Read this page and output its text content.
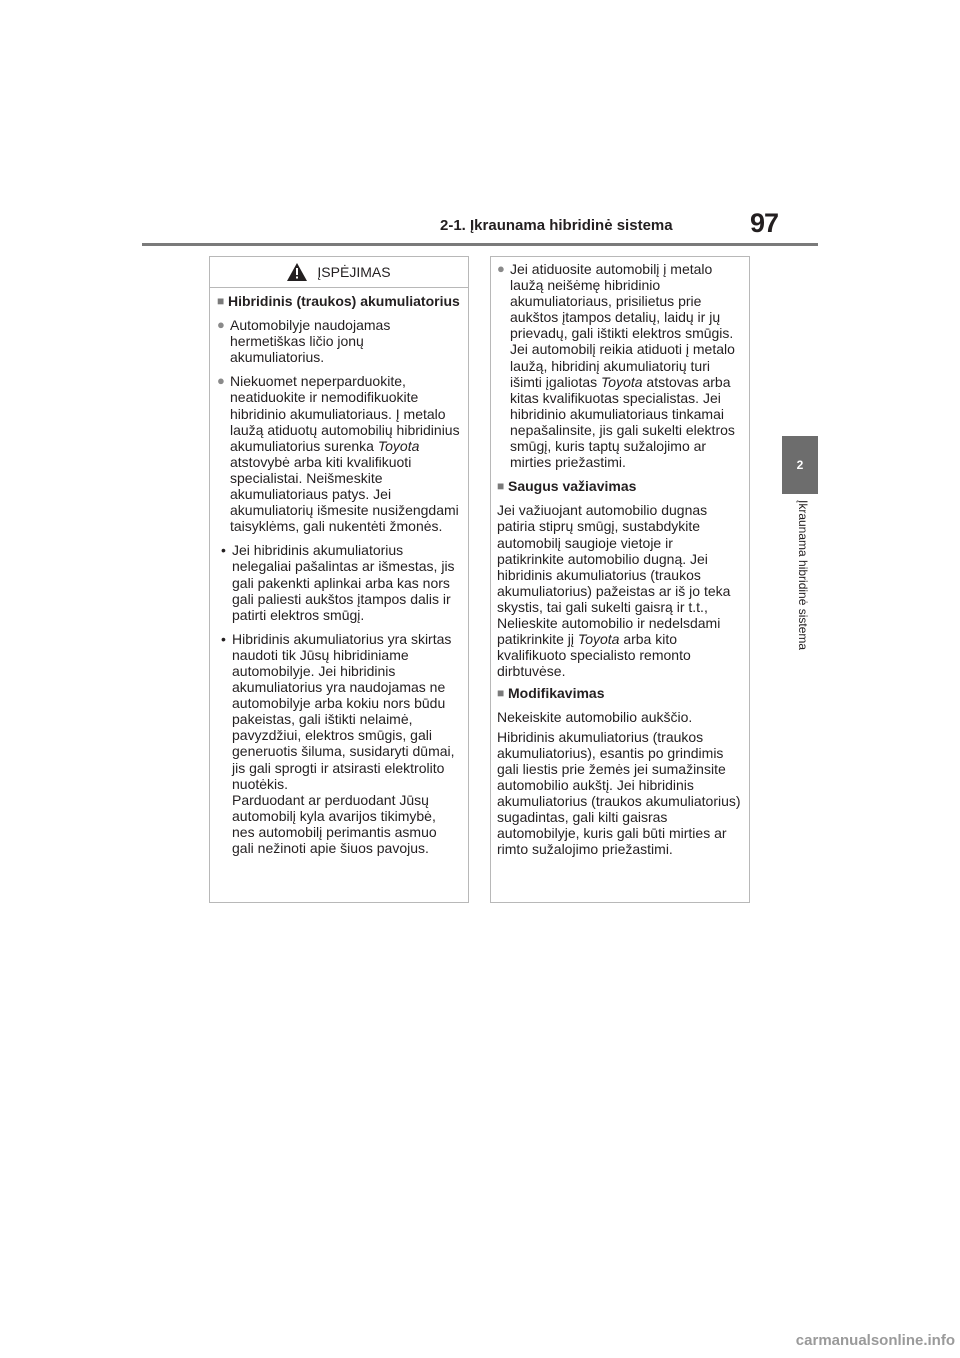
2-1. Įkraunama hibridinė sistema	97
2
Įkraunama hibridinė sistema
ĮSPĖJIMAS
■ Hibridinis (traukos) akumuliatorius
● Automobilyje naudojamas hermetiškas ličio jonų akumuliatorius.
● Niekuomet neperparduokite, neatiduokite ir nemodifikuokite hibridinio akumuliatoriaus. Į metalo laužą atiduotų automobilių hibridinius akumuliatorius surenka Toyota atstovybė arba kiti kvalifikuoti specialistai. Neišmeskite akumuliatoriaus patys. Jei akumuliatorių išmesite nusižengdami taisyklėms, gali nukentėti žmonės.
• Jei hibridinis akumuliatorius nelegaliai pašalintas ar išmestas, jis gali pakenkti aplinkai arba kas nors gali paliesti aukštos įtampos dalis ir patirti elektros smūgį.
• Hibridinis akumuliatorius yra skirtas naudoti tik Jūsų hibridiniame automobilyje. Jei hibridinis akumuliatorius yra naudojamas ne automobilyje arba kokiu nors būdu pakeistas, gali ištikti nelaimė, pavyzdžiui, elektros smūgis, gali generuotis šiluma, susidaryti dūmai, jis gali sprogti ir atsirasti elektrolito nuotėkis.
Parduodant ar perduodant Jūsų automobilį kyla avarijos tikimybė, nes automobilį perimantis asmuo gali nežinoti apie šiuos pavojus.
● Jei atiduosite automobilį į metalo laužą neišėmę hibridinio akumuliatoriaus, prisilietus prie aukštos įtampos detalių, laidų ir jų prievadų, gali ištikti elektros smūgis. Jei automobilį reikia atiduoti į metalo laužą, hibridinį akumuliatorių turi išimti įgaliotas Toyota atstovas arba kitas kvalifikuotas specialistas. Jei hibridinio akumuliatoriaus tinkamai nepašalinsite, jis gali sukelti elektros smūgį, kuris taptų sužalojimo ar mirties priežastimi.
■ Saugus važiavimas
Jei važiuojant automobilio dugnas patiria stiprų smūgį, sustabdykite automobilį saugioje vietoje ir patikrinkite automobilio dugną. Jei hibridinis akumuliatorius (traukos akumuliatorius) pažeistas ar iš jo teka skystis, tai gali sukelti gaisrą ir t.t., Nelieskite automobilio ir nedelsdami patikrinkite jį Toyota arba kito kvalifikuoto specialisto remonto dirbtuvėse.
■ Modifikavimas
Nekeiskite automobilio aukščio.
Hibridinis akumuliatorius (traukos akumuliatorius), esantis po grindimis gali liestis prie žemės jei sumažinsite automobilio aukštį. Jei hibridinis akumuliatorius (traukos akumuliatorius) sugadintas, gali kilti gaisras automobilyje, kuris gali būti mirties ar rimto sužalojimo priežastimi.
carmanualsonline.info
